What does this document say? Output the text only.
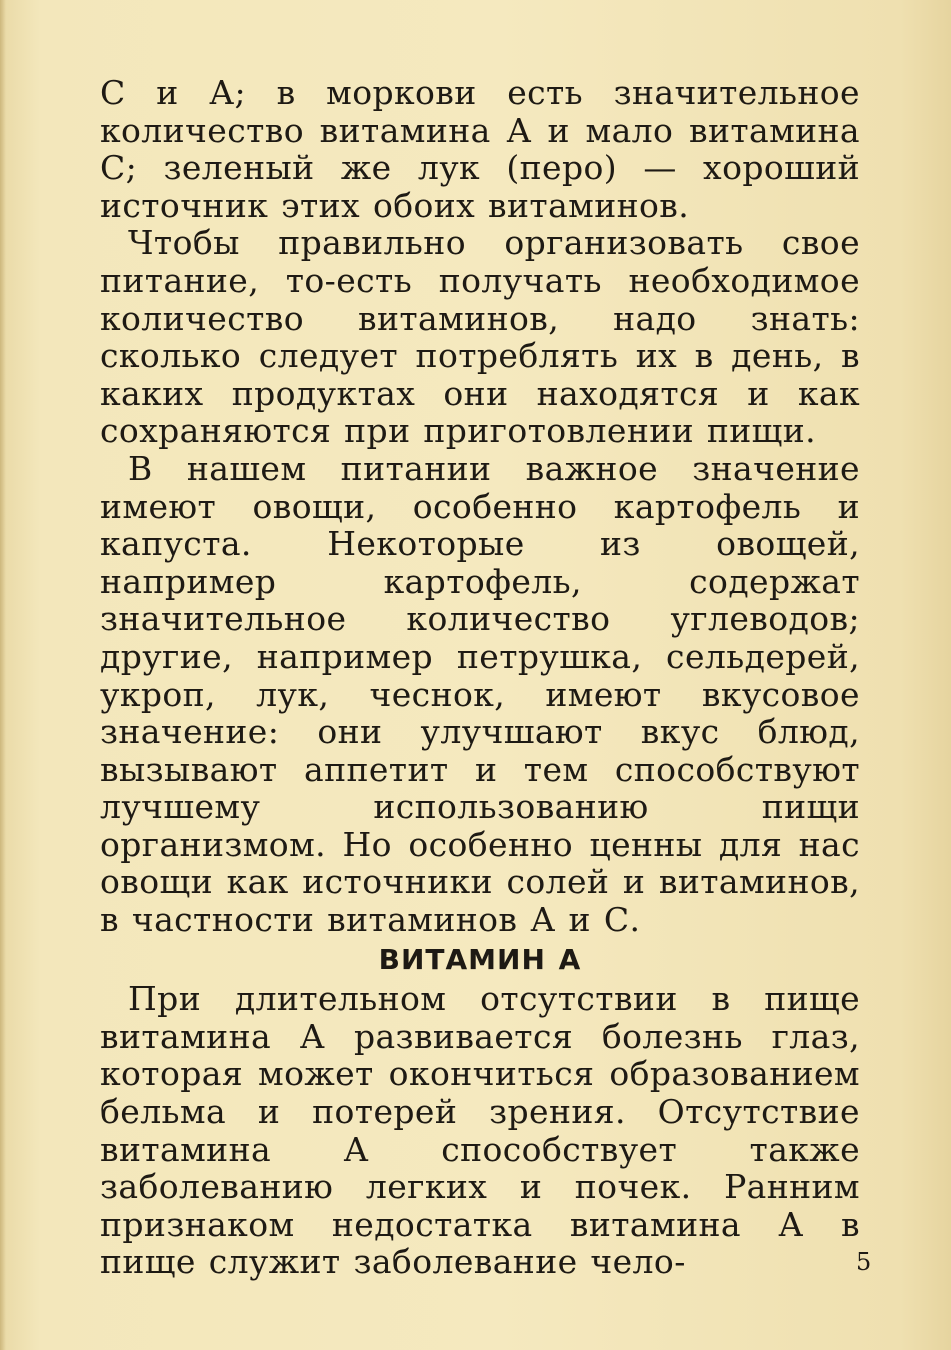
С и А; в моркови есть значительное количество витамина А и мало витамина С; зеленый же лук (перо) — хороший источник этих обоих витаминов.

Чтобы правильно организовать свое питание, то-есть получать необходимое количество витаминов, надо знать: сколько следует потреблять их в день, в каких продуктах они находятся и как сохраняются при приготовлении пищи.

В нашем питании важное значение имеют овощи, особенно картофель и капуста. Некоторые из овощей, например картофель, содержат значительное количество углеводов; другие, например петрушка, сельдерей, укроп, лук, чеснок, имеют вкусовое значение: они улучшают вкус блюд, вызывают аппетит и тем способствуют лучшему использованию пищи организмом. Но особенно ценны для нас овощи как источники солей и витаминов, в частности витаминов А и С.

ВИТАМИН А

При длительном отсутствии в пище витамина А развивается болезнь глаз, которая может окончиться образованием бельма и потерей зрения. Отсутствие витамина А способствует также заболеванию легких и почек. Ранним признаком недостатка витамина А в пище служит заболевание чело-	5
